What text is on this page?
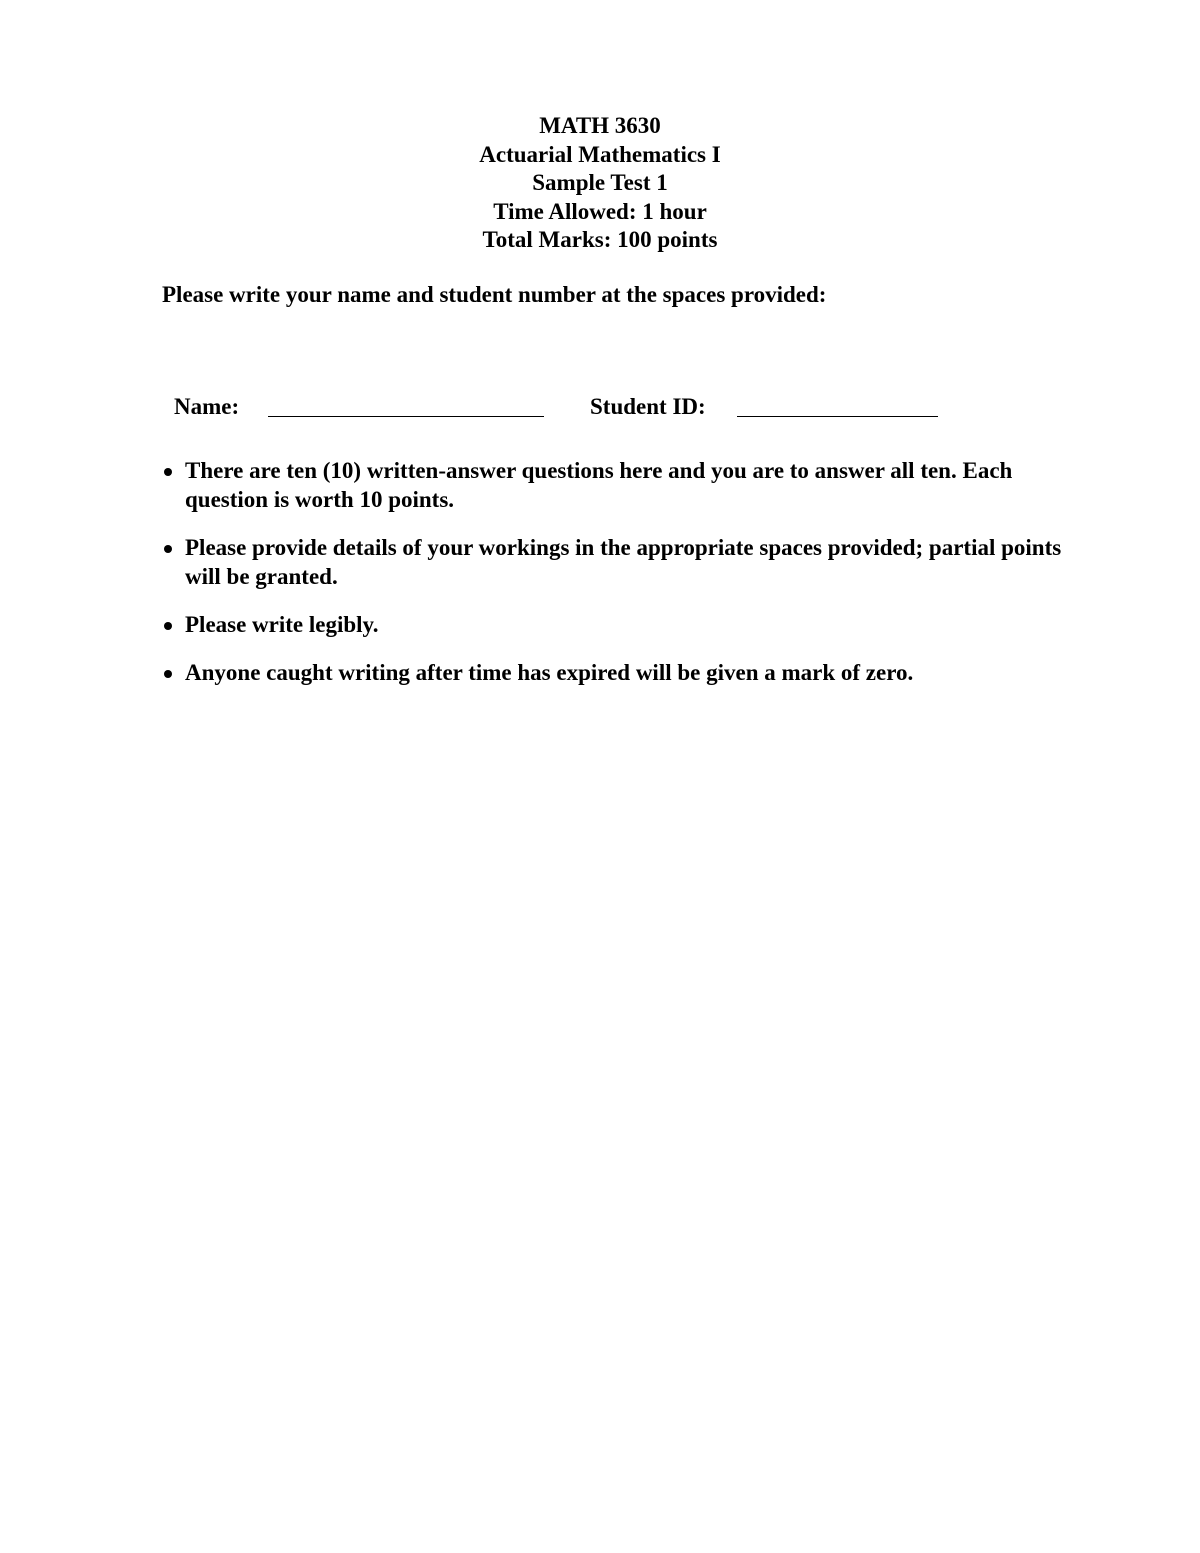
MATH 3630
Actuarial Mathematics I
Sample Test 1
Time Allowed: 1 hour
Total Marks: 100 points
Please write your name and student number at the spaces provided:
Name:	Student ID:
There are ten (10) written-answer questions here and you are to answer all ten. Each question is worth 10 points.
Please provide details of your workings in the appropriate spaces provided; partial points will be granted.
Please write legibly.
Anyone caught writing after time has expired will be given a mark of zero.
